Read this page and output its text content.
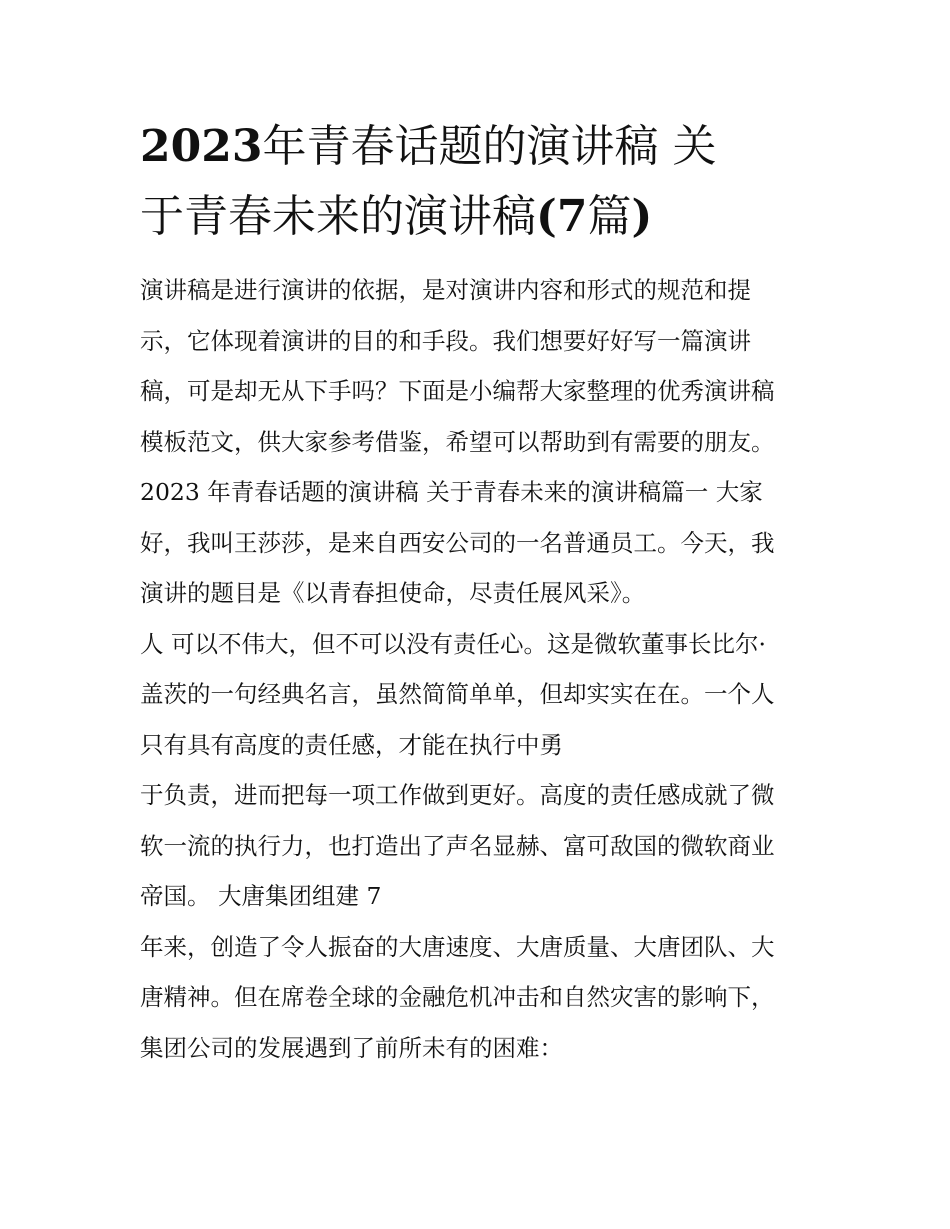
2023年青春话题的演讲稿 关
于青春未来的演讲稿(7篇)
演讲稿是进行演讲的依据，是对演讲内容和形式的规范和提
示，它体现着演讲的目的和手段。我们想要好好写一篇演讲
稿，可是却无从下手吗？下面是小编帮大家整理的优秀演讲稿
模板范文，供大家参考借鉴，希望可以帮助到有需要的朋友。
2023 年青春话题的演讲稿 关于青春未来的演讲稿篇一 大家
好，我叫王莎莎，是来自西安公司的一名普通员工。今天，我
演讲的题目是《以青春担使命，尽责任展风采》。
人 可以不伟大，但不可以没有责任心。这是微软董事长比尔·
盖茨的一句经典名言，虽然简简单单，但却实实在在。一个人
只有具有高度的责任感，才能在执行中勇
于负责，进而把每一项工作做到更好。高度的责任感成就了微
软一流的执行力，也打造出了声名显赫、富可敌国的微软商业
帝国。 大唐集团组建 7
年来，创造了令人振奋的大唐速度、大唐质量、大唐团队、大
唐精神。但在席卷全球的金融危机冲击和自然灾害的影响下，
集团公司的发展遇到了前所未有的困难：
